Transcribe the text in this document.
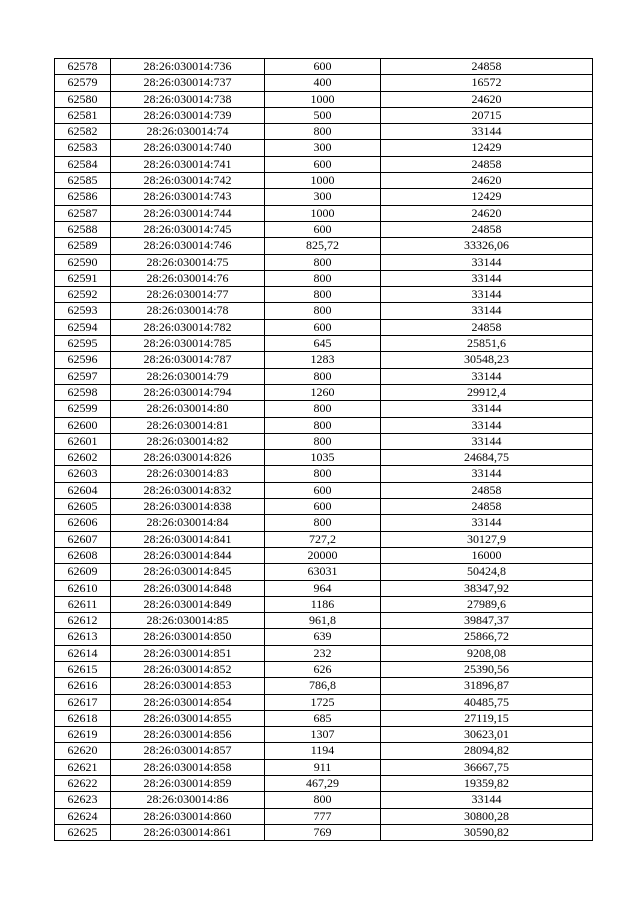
62578	28:26:030014:736	600	24858
62579	28:26:030014:737	400	16572
62580	28:26:030014:738	1000	24620
62581	28:26:030014:739	500	20715
62582	28:26:030014:74	800	33144
62583	28:26:030014:740	300	12429
62584	28:26:030014:741	600	24858
62585	28:26:030014:742	1000	24620
62586	28:26:030014:743	300	12429
62587	28:26:030014:744	1000	24620
62588	28:26:030014:745	600	24858
62589	28:26:030014:746	825,72	33326,06
62590	28:26:030014:75	800	33144
62591	28:26:030014:76	800	33144
62592	28:26:030014:77	800	33144
62593	28:26:030014:78	800	33144
62594	28:26:030014:782	600	24858
62595	28:26:030014:785	645	25851,6
62596	28:26:030014:787	1283	30548,23
62597	28:26:030014:79	800	33144
62598	28:26:030014:794	1260	29912,4
62599	28:26:030014:80	800	33144
62600	28:26:030014:81	800	33144
62601	28:26:030014:82	800	33144
62602	28:26:030014:826	1035	24684,75
62603	28:26:030014:83	800	33144
62604	28:26:030014:832	600	24858
62605	28:26:030014:838	600	24858
62606	28:26:030014:84	800	33144
62607	28:26:030014:841	727,2	30127,9
62608	28:26:030014:844	20000	16000
62609	28:26:030014:845	63031	50424,8
62610	28:26:030014:848	964	38347,92
62611	28:26:030014:849	1186	27989,6
62612	28:26:030014:85	961,8	39847,37
62613	28:26:030014:850	639	25866,72
62614	28:26:030014:851	232	9208,08
62615	28:26:030014:852	626	25390,56
62616	28:26:030014:853	786,8	31896,87
62617	28:26:030014:854	1725	40485,75
62618	28:26:030014:855	685	27119,15
62619	28:26:030014:856	1307	30623,01
62620	28:26:030014:857	1194	28094,82
62621	28:26:030014:858	911	36667,75
62622	28:26:030014:859	467,29	19359,82
62623	28:26:030014:86	800	33144
62624	28:26:030014:860	777	30800,28
62625	28:26:030014:861	769	30590,82
